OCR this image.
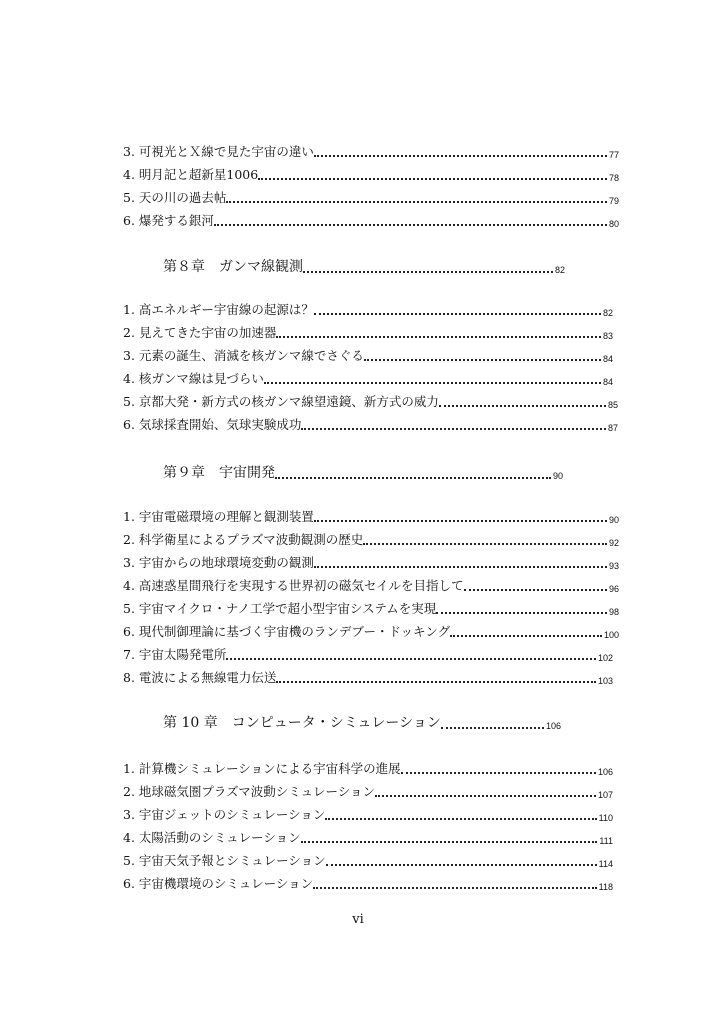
3. 可視光とＸ線で見た宇宙の違い	77
4. 明月記と超新星1006	78
5. 天の川の過去帖	79
6. 爆発する銀河	80
第８章　ガンマ線観測	82
1. 高エネルギー宇宙線の起源は？	82
2. 見えてきた宇宙の加速器	83
3. 元素の誕生、消滅を核ガンマ線でさぐる	84
4. 核ガンマ線は見づらい	84
5. 京都大発・新方式の核ガンマ線望遠鏡、新方式の威力	85
6. 気球採査開始、気球実験成功	87
第９章　宇宙開発	90
1. 宇宙電磁環境の理解と観測装置	90
2. 科学衛星によるプラズマ波動観測の歴史	92
3. 宇宙からの地球環境変動の観測	93
4. 高速惑星間飛行を実現する世界初の磁気セイルを目指して	96
5. 宇宙マイクロ・ナノ工学で超小型宇宙システムを実現	98
6. 現代制御理論に基づく宇宙機のランデブー・ドッキング	100
7. 宇宙太陽発電所	102
8. 電波による無線電力伝送	103
第 10 章　コンピュータ・シミュレーション	106
1. 計算機シミュレーションによる宇宙科学の進展	106
2. 地球磁気圏プラズマ波動シミュレーション	107
3. 宇宙ジェットのシミュレーション	110
4. 太陽活動のシミュレーション	111
5. 宇宙天気予報とシミュレーション	114
6. 宇宙機環境のシミュレーション	118
vi
